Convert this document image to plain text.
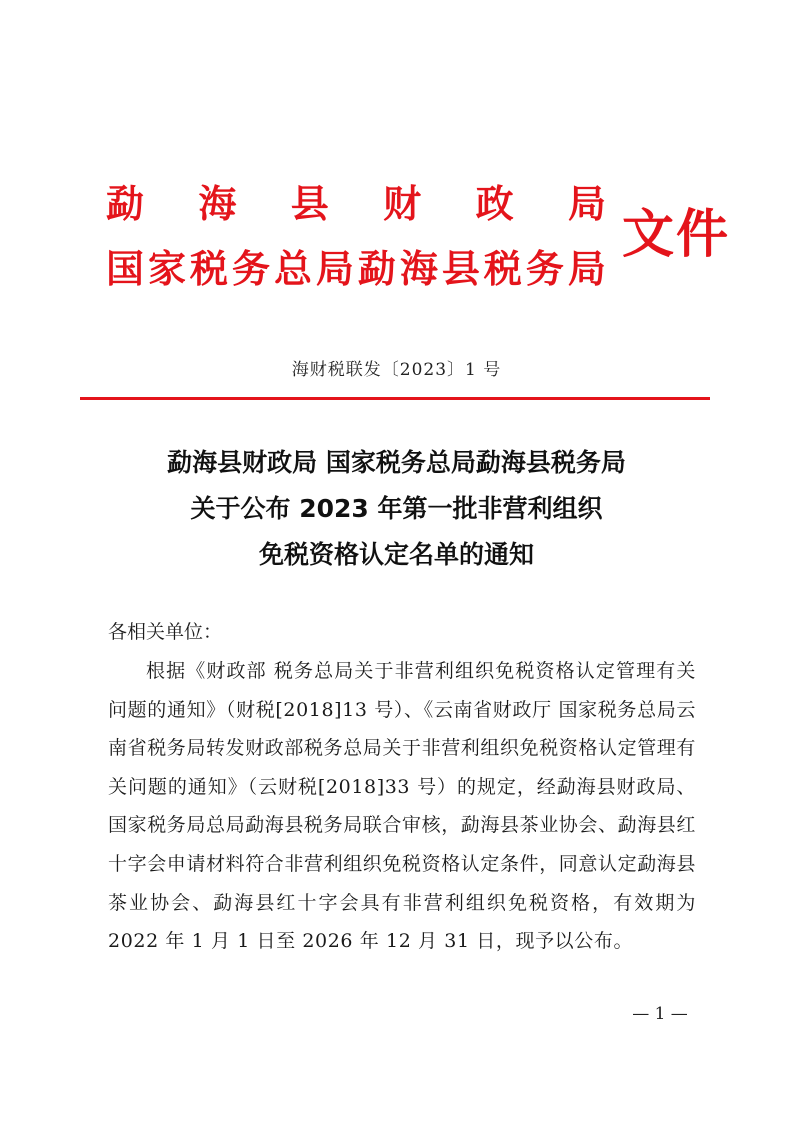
勐 海 县 财 政 局
国 家 税 务 总 局 勐 海 县 税 务 局
文件
海财税联发〔2023〕1 号
勐海县财政局 国家税务总局勐海县税务局
关于公布 2023 年第一批非营利组织
免税资格认定名单的通知
各相关单位：
根据《财政部 税务总局关于非营利组织免税资格认定管理有关问题的通知》（财税[2018]13 号）、《云南省财政厅 国家税务总局云南省税务局转发财政部税务总局关于非营利组织免税资格认定管理有关问题的通知》（云财税[2018]33 号）的规定，经勐海县财政局、国家税务局总局勐海县税务局联合审核，勐海县茶业协会、勐海县红十字会申请材料符合非营利组织免税资格认定条件，同意认定勐海县茶业协会、勐海县红十字会具有非营利组织免税资格，有效期为 2022 年 1 月 1 日至 2026 年 12 月 31 日，现予以公布。
— 1 —
